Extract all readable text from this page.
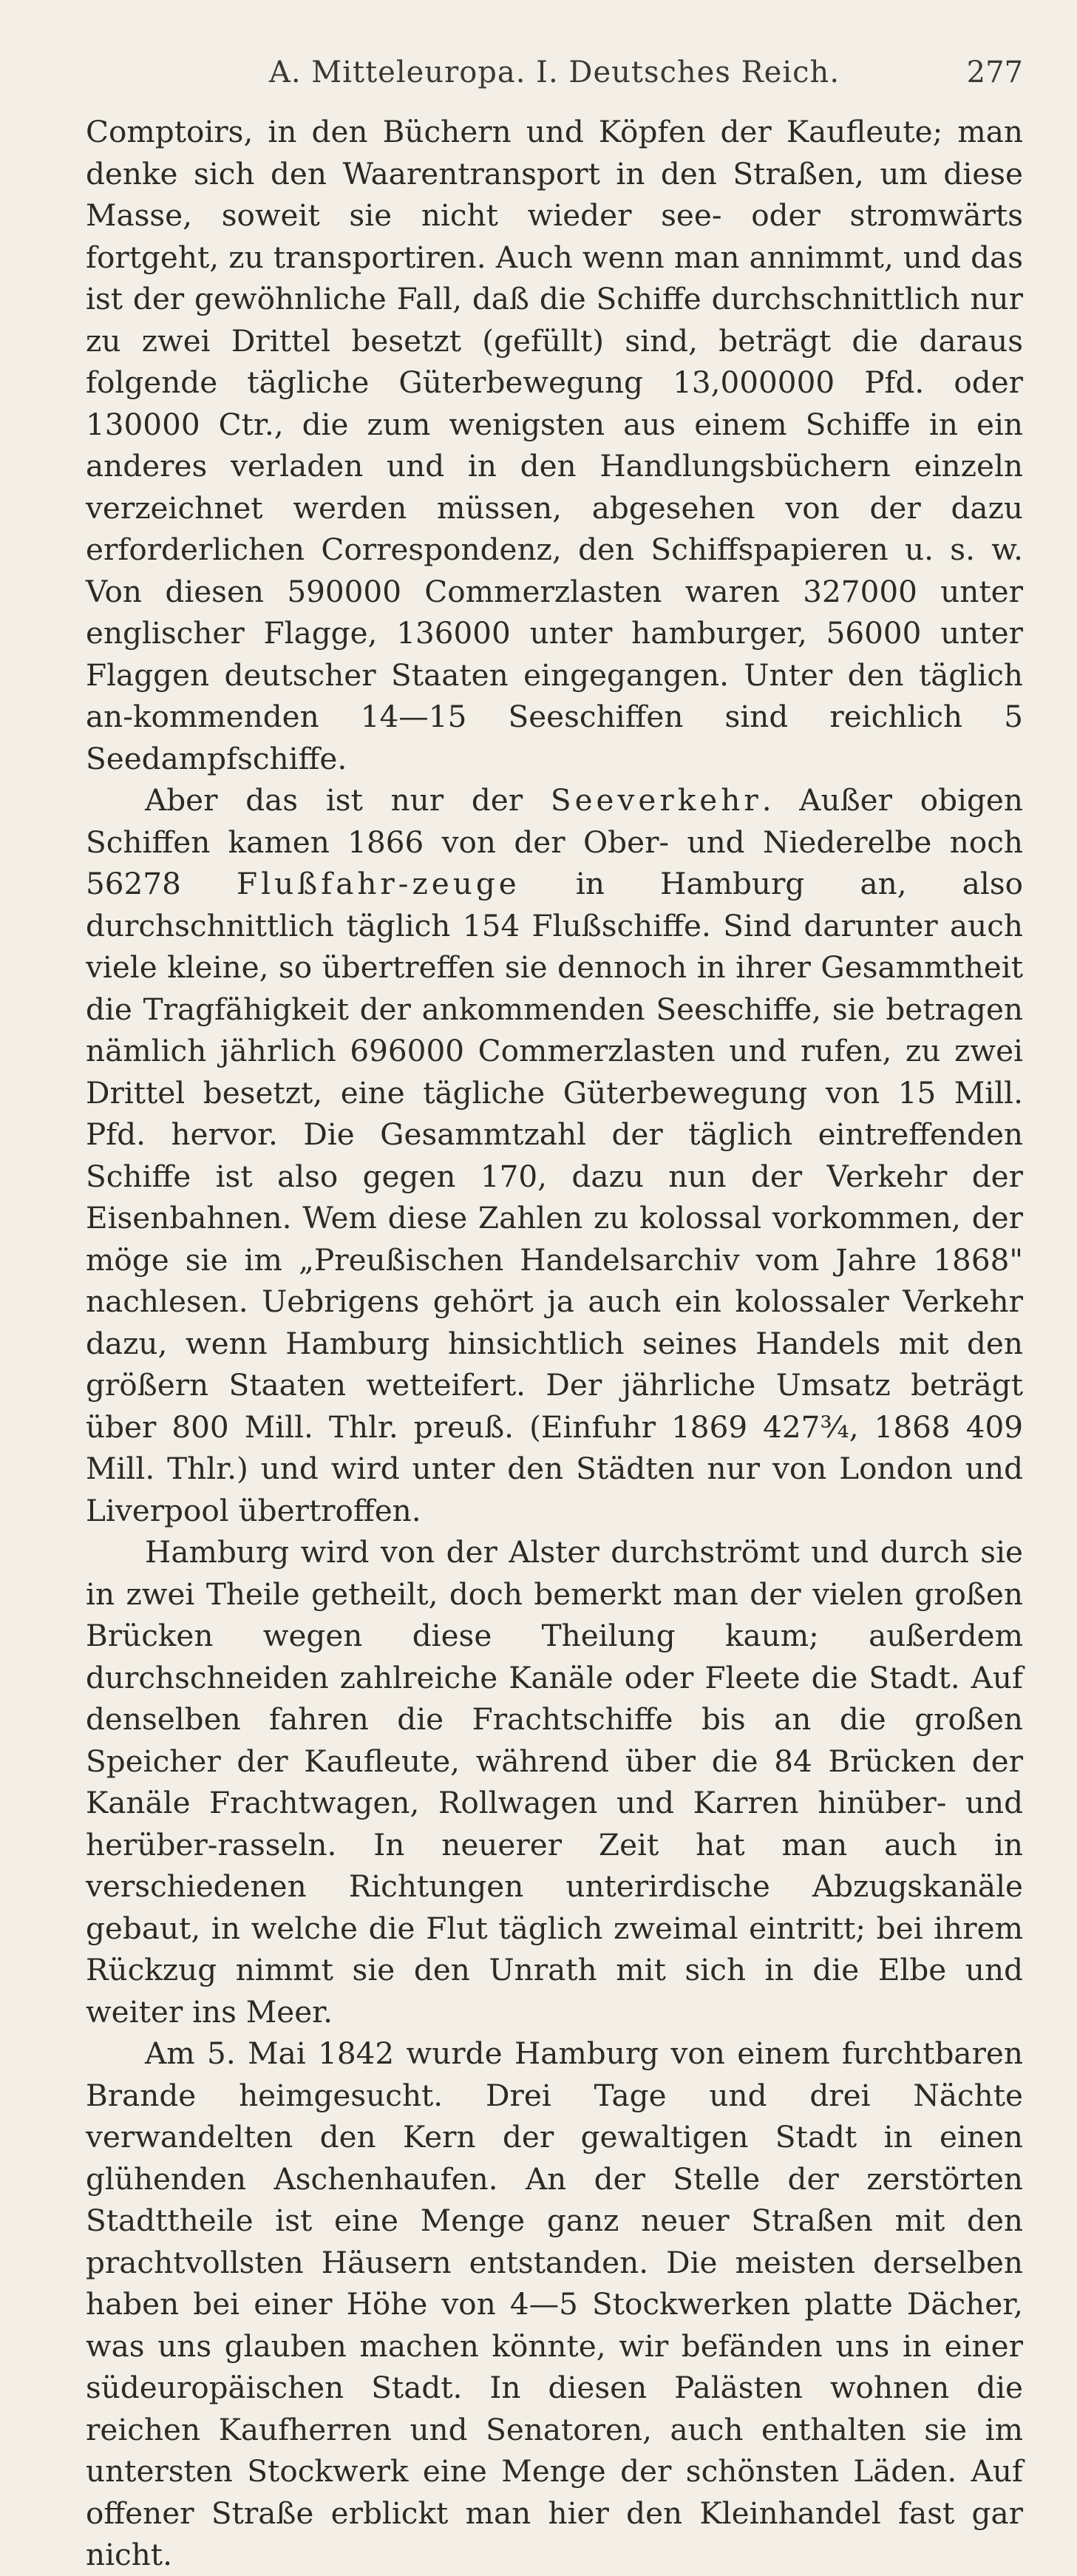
A. Mitteleuropa. I. Deutsches Reich.	277

Comptoirs, in den Büchern und Köpfen der Kaufleute; man denke sich den Waarentransport in den Straßen, um diese Masse, soweit sie nicht wieder see- oder stromwärts fortgeht, zu transportiren. Auch wenn man annimmt, und das ist der gewöhnliche Fall, daß die Schiffe durchschnittlich nur zu zwei Drittel besetzt (gefüllt) sind, beträgt die daraus folgende tägliche Güterbewegung 13,000000 Pfd. oder 130000 Ctr., die zum wenigsten aus einem Schiffe in ein anderes verladen und in den Handlungsbüchern einzeln verzeichnet werden müssen, abgesehen von der dazu erforderlichen Correspondenz, den Schiffspapieren u. s. w. Von diesen 590000 Commerzlasten waren 327000 unter englischer Flagge, 136000 unter hamburger, 56000 unter Flaggen deutscher Staaten eingegangen. Unter den täglich an-kommenden 14—15 Seeschiffen sind reichlich 5 Seedampfschiffe.

Aber das ist nur der Seeverkehr. Außer obigen Schiffen kamen 1866 von der Ober- und Niederelbe noch 56278 Flußfahr-zeuge in Hamburg an, also durchschnittlich täglich 154 Flußschiffe. Sind darunter auch viele kleine, so übertreffen sie dennoch in ihrer Gesammtheit die Tragfähigkeit der ankommenden Seeschiffe, sie betragen nämlich jährlich 696000 Commerzlasten und rufen, zu zwei Drittel besetzt, eine tägliche Güterbewegung von 15 Mill. Pfd. hervor. Die Gesammtzahl der täglich eintreffenden Schiffe ist also gegen 170, dazu nun der Verkehr der Eisenbahnen. Wem diese Zahlen zu kolossal vorkommen, der möge sie im „Preußischen Handelsarchiv vom Jahre 1868" nachlesen. Uebrigens gehört ja auch ein kolossaler Verkehr dazu, wenn Hamburg hinsichtlich seines Handels mit den größern Staaten wetteifert. Der jährliche Umsatz beträgt über 800 Mill. Thlr. preuß. (Einfuhr 1869 427¾, 1868 409 Mill. Thlr.) und wird unter den Städten nur von London und Liverpool übertroffen.

Hamburg wird von der Alster durchströmt und durch sie in zwei Theile getheilt, doch bemerkt man der vielen großen Brücken wegen diese Theilung kaum; außerdem durchschneiden zahlreiche Kanäle oder Fleete die Stadt. Auf denselben fahren die Frachtschiffe bis an die großen Speicher der Kaufleute, während über die 84 Brücken der Kanäle Frachtwagen, Rollwagen und Karren hinüber- und herüber-rasseln. In neuerer Zeit hat man auch in verschiedenen Richtungen unterirdische Abzugskanäle gebaut, in welche die Flut täglich zweimal eintritt; bei ihrem Rückzug nimmt sie den Unrath mit sich in die Elbe und weiter ins Meer.

Am 5. Mai 1842 wurde Hamburg von einem furchtbaren Brande heimgesucht. Drei Tage und drei Nächte verwandelten den Kern der gewaltigen Stadt in einen glühenden Aschenhaufen. An der Stelle der zerstörten Stadttheile ist eine Menge ganz neuer Straßen mit den prachtvollsten Häusern entstanden. Die meisten derselben haben bei einer Höhe von 4—5 Stockwerken platte Dächer, was uns glauben machen könnte, wir befänden uns in einer südeuropäischen Stadt. In diesen Palästen wohnen die reichen Kaufherren und Senatoren, auch enthalten sie im untersten Stockwerk eine Menge der schönsten Läden. Auf offener Straße erblickt man hier den Kleinhandel fast gar nicht.
